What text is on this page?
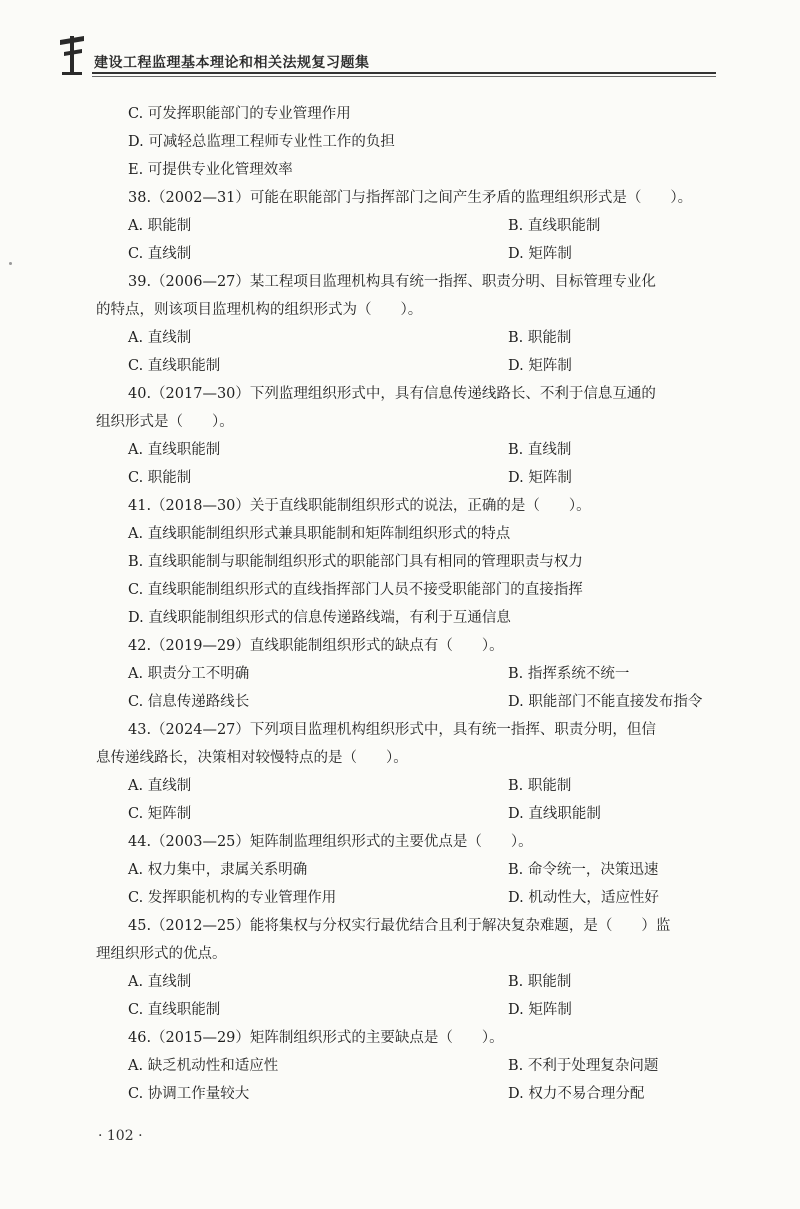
建设工程监理基本理论和相关法规复习题集
C. 可发挥职能部门的专业管理作用
D. 可减轻总监理工程师专业性工作的负担
E. 可提供专业化管理效率
38.（2002—31）可能在职能部门与指挥部门之间产生矛盾的监理组织形式是（　　）。
A. 职能制	B. 直线职能制
C. 直线制	D. 矩阵制
39.（2006—27）某工程项目监理机构具有统一指挥、职责分明、目标管理专业化
的特点，则该项目监理机构的组织形式为（　　）。
A. 直线制	B. 职能制
C. 直线职能制	D. 矩阵制
40.（2017—30）下列监理组织形式中，具有信息传递线路长、不利于信息互通的
组织形式是（　　）。
A. 直线职能制	B. 直线制
C. 职能制	D. 矩阵制
41.（2018—30）关于直线职能制组织形式的说法，正确的是（　　）。
A. 直线职能制组织形式兼具职能制和矩阵制组织形式的特点
B. 直线职能制与职能制组织形式的职能部门具有相同的管理职责与权力
C. 直线职能制组织形式的直线指挥部门人员不接受职能部门的直接指挥
D. 直线职能制组织形式的信息传递路线端，有利于互通信息
42.（2019—29）直线职能制组织形式的缺点有（　　）。
A. 职责分工不明确	B. 指挥系统不统一
C. 信息传递路线长	D. 职能部门不能直接发布指令
43.（2024—27）下列项目监理机构组织形式中，具有统一指挥、职责分明，但信
息传递线路长，决策相对较慢特点的是（　　）。
A. 直线制	B. 职能制
C. 矩阵制	D. 直线职能制
44.（2003—25）矩阵制监理组织形式的主要优点是（　　）。
A. 权力集中，隶属关系明确	B. 命令统一，决策迅速
C. 发挥职能机构的专业管理作用	D. 机动性大，适应性好
45.（2012—25）能将集权与分权实行最优结合且利于解决复杂难题，是（　　）监
理组织形式的优点。
A. 直线制	B. 职能制
C. 直线职能制	D. 矩阵制
46.（2015—29）矩阵制组织形式的主要缺点是（　　）。
A. 缺乏机动性和适应性	B. 不利于处理复杂问题
C. 协调工作量较大	D. 权力不易合理分配
· 102 ·
